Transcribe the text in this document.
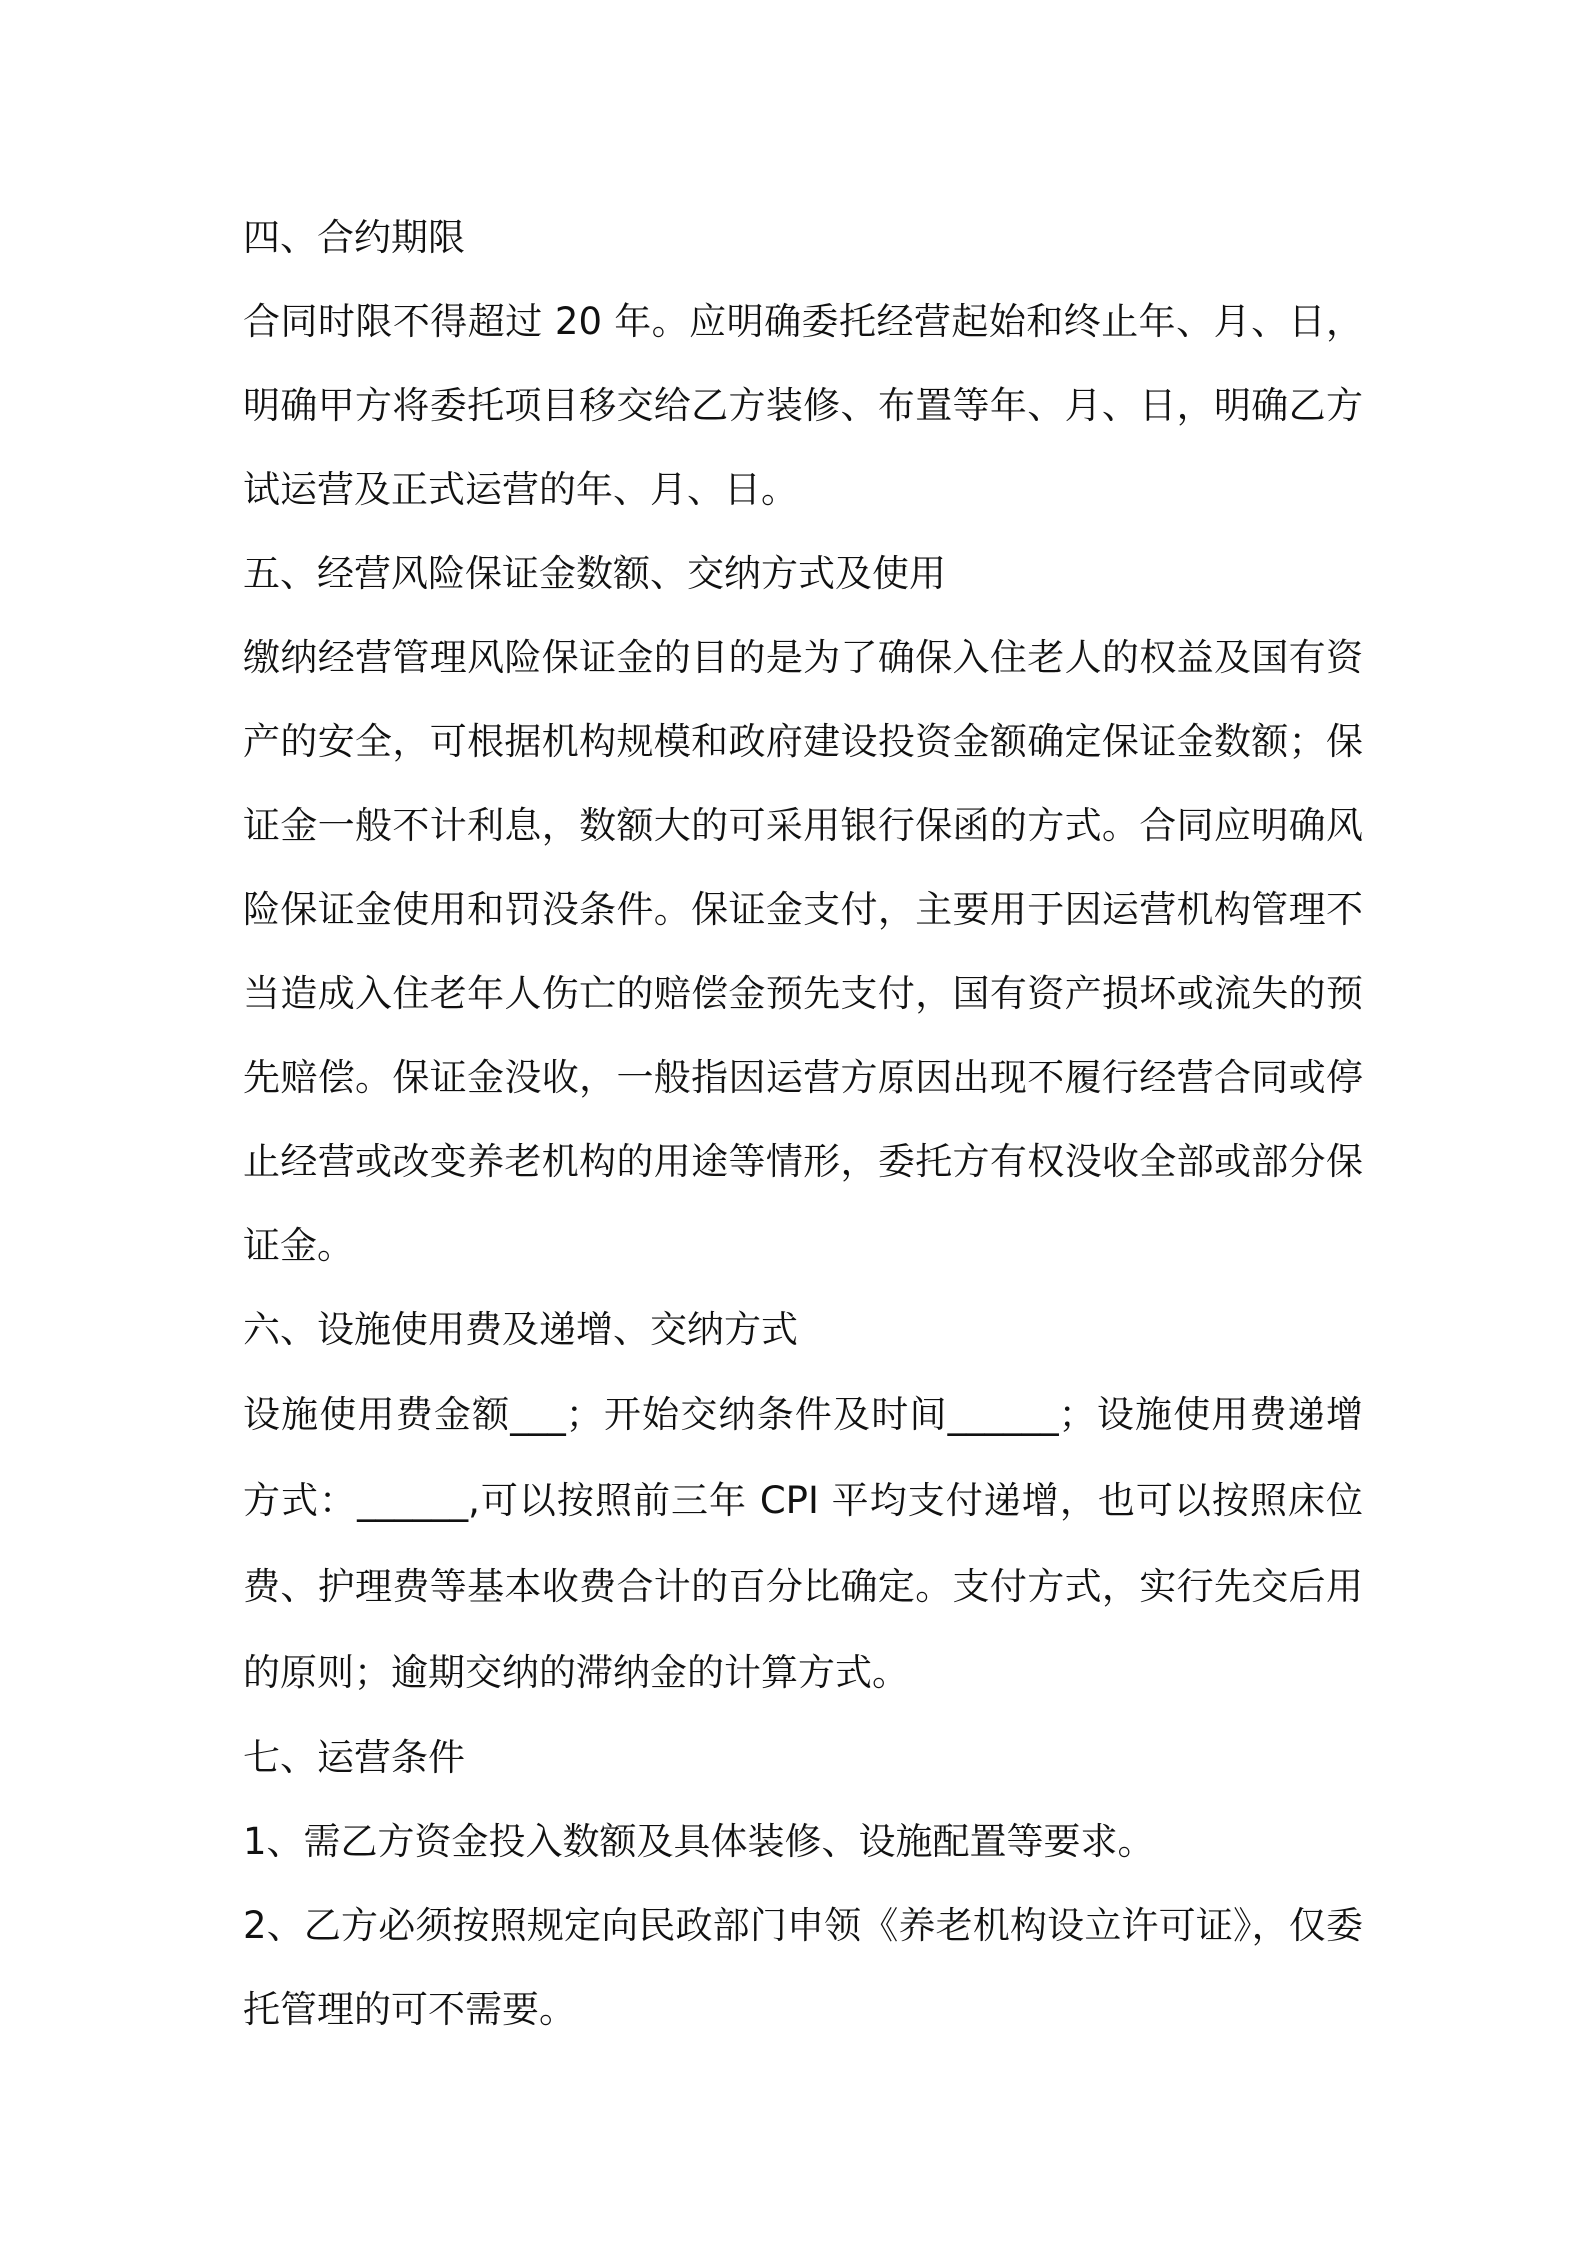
四、合约期限
合同时限不得超过 20 年。应明确委托经营起始和终止年、月、日，明确甲方将委托项目移交给乙方装修、布置等年、月、日，明确乙方试运营及正式运营的年、月、日。
五、经营风险保证金数额、交纳方式及使用
缴纳经营管理风险保证金的目的是为了确保入住老人的权益及国有资产的安全，可根据机构规模和政府建设投资金额确定保证金数额；保证金一般不计利息，数额大的可采用银行保函的方式。合同应明确风险保证金使用和罚没条件。保证金支付，主要用于因运营机构管理不当造成入住老年人伤亡的赔偿金预先支付，国有资产损坏或流失的预先赔偿。保证金没收，一般指因运营方原因出现不履行经营合同或停止经营或改变养老机构的用途等情形，委托方有权没收全部或部分保证金。
六、设施使用费及递增、交纳方式
设施使用费金额___；开始交纳条件及时间______；设施使用费递增方式：______,可以按照前三年 CPI 平均支付递增，也可以按照床位费、护理费等基本收费合计的百分比确定。支付方式，实行先交后用的原则；逾期交纳的滞纳金的计算方式。
七、运营条件
1、需乙方资金投入数额及具体装修、设施配置等要求。
2、乙方必须按照规定向民政部门申领《养老机构设立许可证》，仅委托管理的可不需要。
